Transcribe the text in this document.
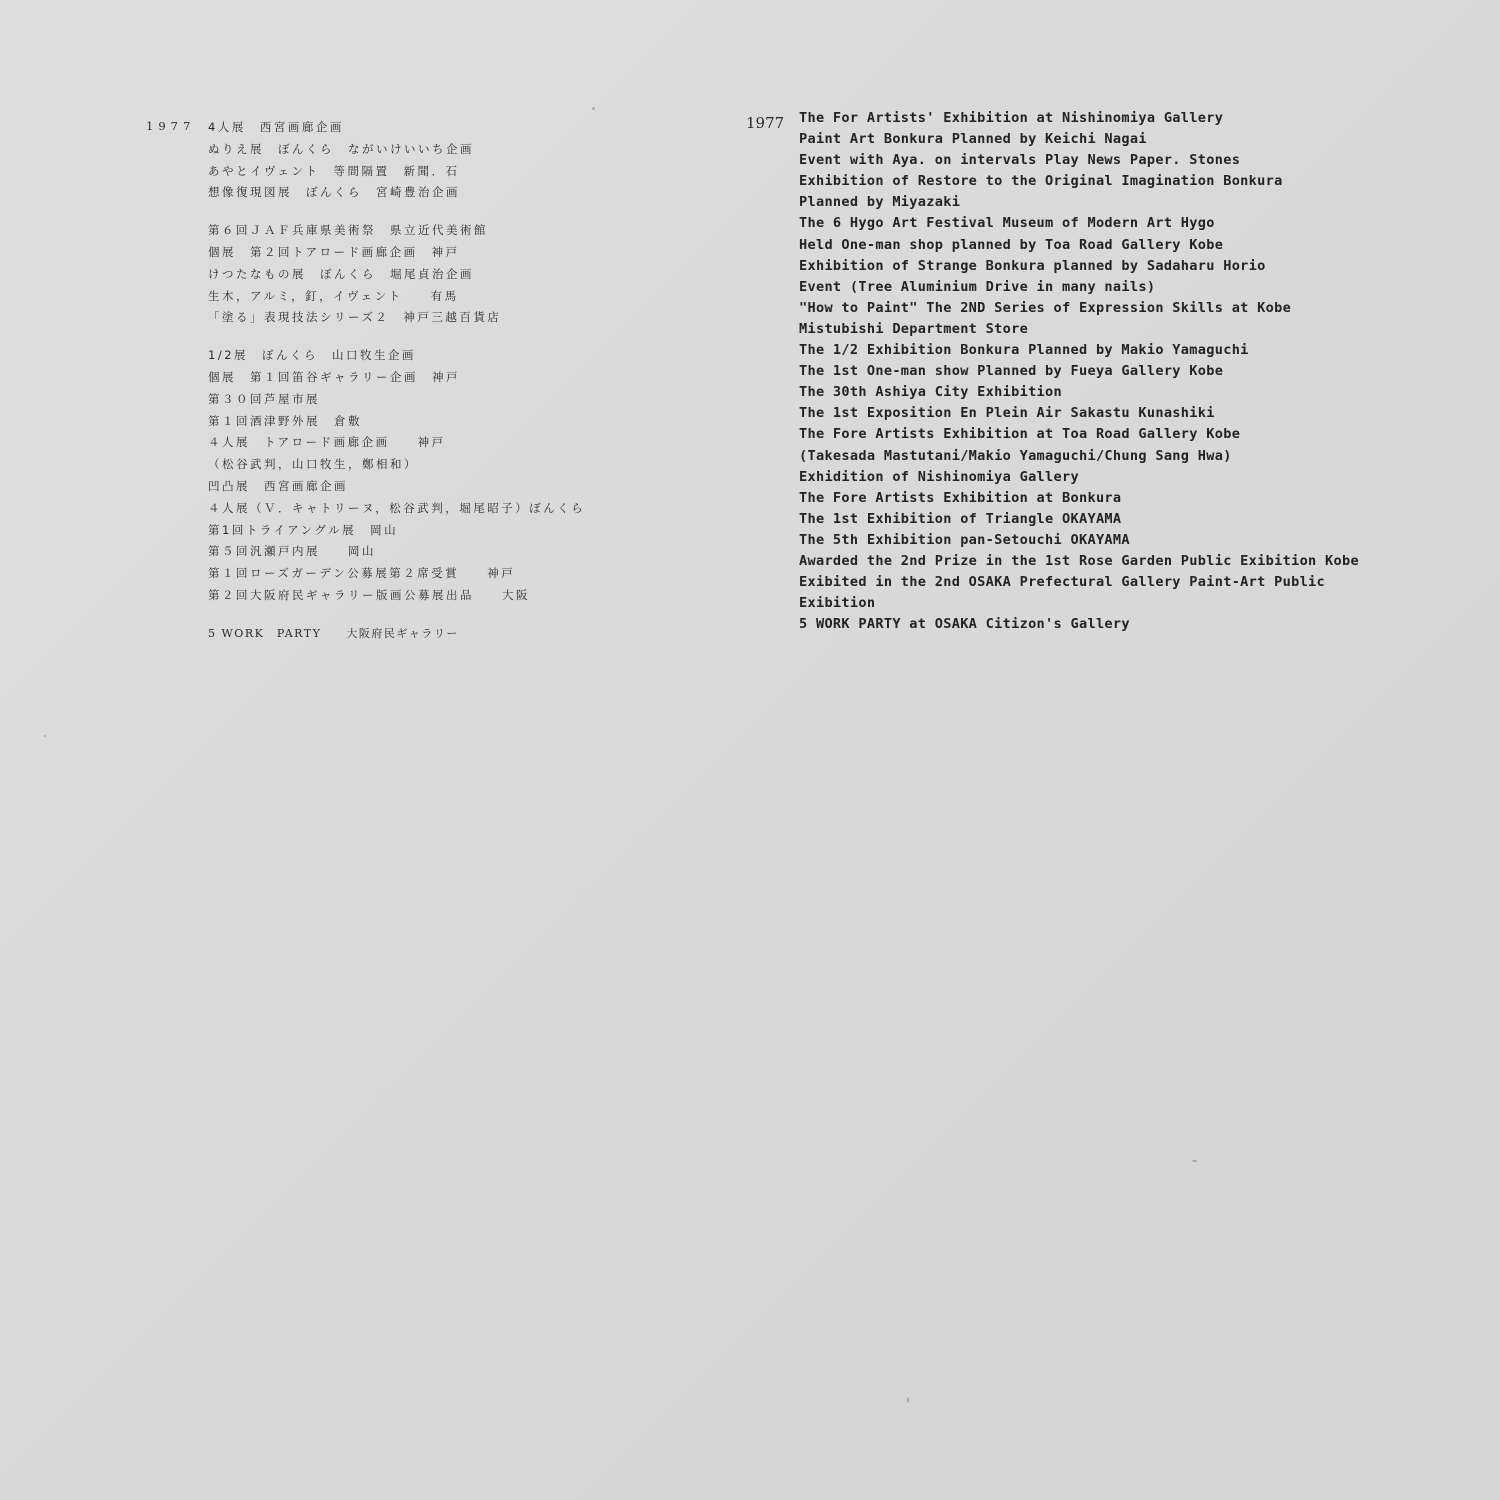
1977 4人展　西宮画廊企画
ぬりえ展　ぼんくら　ながいけいいち企画
あやとイヴェント　等間隔置　新聞．石
想像復現図展　ぼんくら　宮崎豊治企画
第６回ＪＡＦ兵庫県美術祭　県立近代美術館
個展　第２回トアロード画廊企画　神戸
けつたなもの展　ぼんくら　堀尾貞治企画
生木，アルミ，釘，イヴェント　　有馬
「塗る」表現技法シリーズ２　神戸三越百貨店
1/2展　ぼんくら　山口牧生企画
個展　第１回笛谷ギャラリー企画　神戸
第３０回芦屋市展
第１回酒津野外展　倉敷
４人展　トアロード画廊企画　　神戸
（松谷武判，山口牧生，鄭相和）
凹凸展　西宮画廊企画
４人展（Ｖ．キャトリーヌ，松谷武判，堀尾昭子）ぼんくら
第1回トライアングル展　岡山
第５回汎瀬戸内展　　岡山
第１回ローズガーデン公募展第２席受賞　　神戸
第２回大阪府民ギャラリー版画公募展出品　　大阪
5 WORK　PARTY　　大阪府民ギャラリー
1977 The For Artists' Exhibition at Nishinomiya Gallery
Paint Art Bonkura Planned by Keichi Nagai
Event with Aya. on intervals Play News Paper. Stones
Exhibition of Restore to the Original Imagination Bonkura
Planned by Miyazaki
The 6 Hygo Art Festival Museum of Modern Art Hygo
Held One-man shop planned by Toa Road Gallery Kobe
Exhibition of Strange Bonkura planned by Sadaharu Horio
Event (Tree Aluminium Drive in many nails)
"How to Paint" The 2ND Series of Expression Skills at Kobe
Mistubishi Department Store
The 1/2 Exhibition Bonkura Planned by Makio Yamaguchi
The 1st One-man show Planned by Fueya Gallery Kobe
The 30th Ashiya City Exhibition
The 1st Exposition En Plein Air Sakastu Kunashiki
The Fore Artists Exhibition at Toa Road Gallery Kobe
(Takesada Mastutani/Makio Yamaguchi/Chung Sang Hwa)
Exhidition of Nishinomiya Gallery
The Fore Artists Exhibition at Bonkura
The 1st Exhibition of Triangle OKAYAMA
The 5th Exhibition pan-Setouchi OKAYAMA
Awarded the 2nd Prize in the 1st Rose Garden Public Exibition Kobe
Exibited in the 2nd OSAKA Prefectural Gallery Paint-Art Public
Exibition
5 WORK PARTY at OSAKA Citizon's Gallery
